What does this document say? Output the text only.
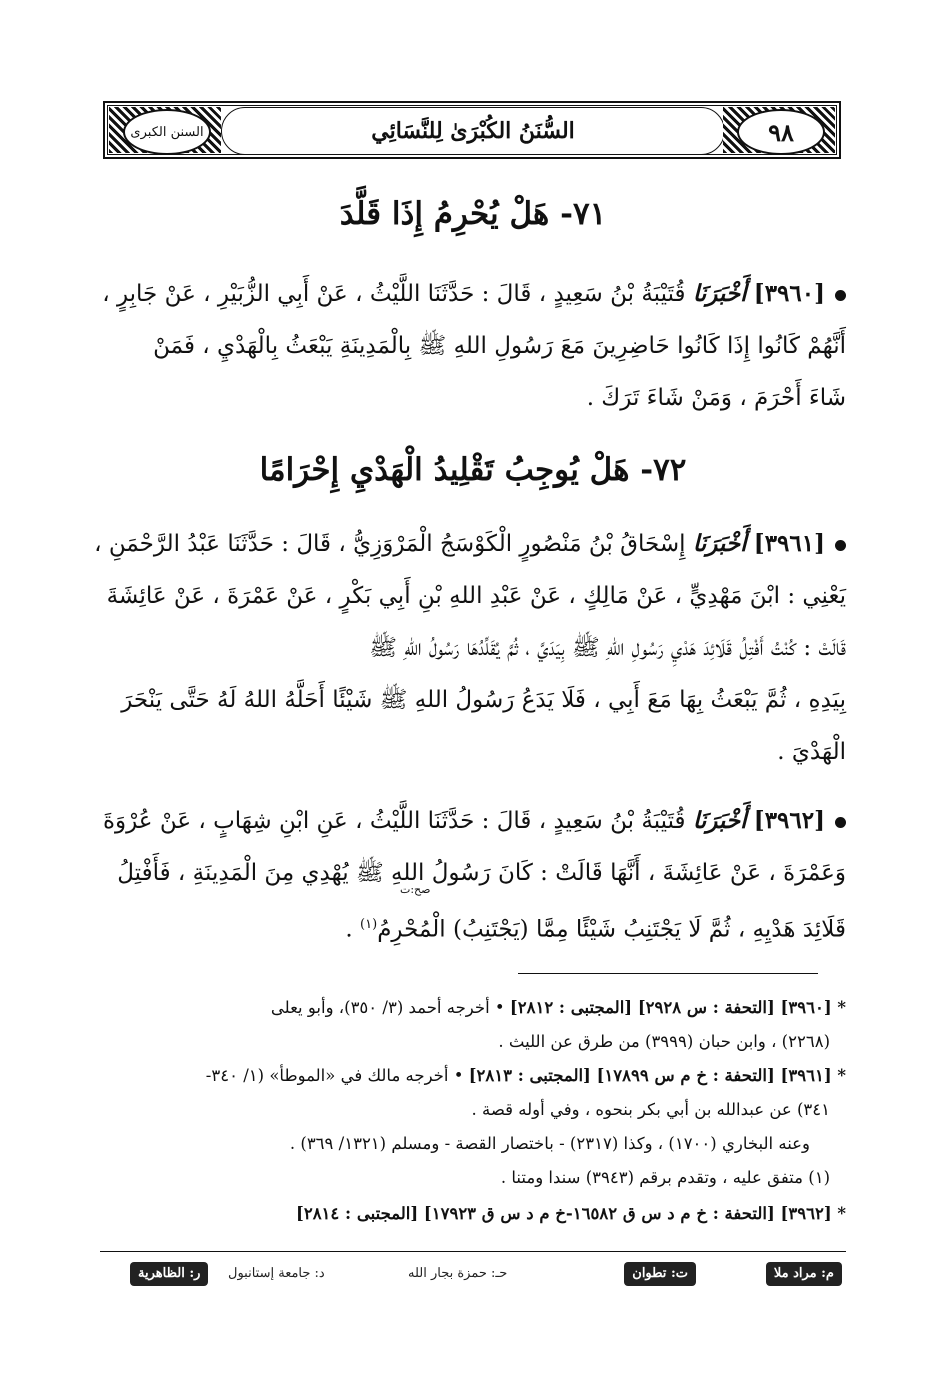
السنن الكبرى	السُّنَنُ الكُبْرَىٰ لِلنَّسَائِي	٩٨
٧١- هَلْ يُحْرِمُ إِذَا قَلَّدَ
[٣٩٦٠] أَخْبَرَنَا قُتَيْبَةُ بْنُ سَعِيدٍ ، قَالَ : حَدَّثَنَا اللَّيْثُ ، عَنْ أَبِي الزُّبَيْرِ ، عَنْ جَابِرٍ ،
أَنَّهُمْ كَانُوا إِذَا كَانُوا حَاضِرِينَ مَعَ رَسُولِ اللهِ ﷺ بِالْمَدِينَةِ يَبْعَثُ بِالْهَدْيِ ، فَمَنْ
شَاءَ أَحْرَمَ ، وَمَنْ شَاءَ تَرَكَ .
٧٢- هَلْ يُوجِبُ تَقْلِيدُ الْهَدْيِ إِحْرَامًا
[٣٩٦١] أَخْبَرَنَا إِسْحَاقُ بْنُ مَنْصُورٍ الْكَوْسَجُ الْمَرْوَزِيُّ ، قَالَ : حَدَّثَنَا عَبْدُ الرَّحْمَنِ ،
يَعْنِي : ابْنَ مَهْدِيٍّ ، عَنْ مَالِكٍ ، عَنْ عَبْدِ اللهِ بْنِ أَبِي بَكْرٍ ، عَنْ عَمْرَةَ ، عَنْ عَائِشَةَ
قَالَتْ : كُنْتُ أَفْتِلُ قَلَائِدَ هَدْيِ رَسُولِ اللهِ ﷺ بِيَدَيَّ ، ثُمَّ يُقَلِّدُهَا رَسُولُ اللهِ ﷺ
بِيَدِهِ ، ثُمَّ يَبْعَثُ بِهَا مَعَ أَبِي ، فَلَا يَدَعُ رَسُولُ اللهِ ﷺ شَيْئًا أَحَلَّهُ اللهُ لَهُ حَتَّى يَنْحَرَ
الْهَدْيَ .
[٣٩٦٢] أَخْبَرَنَا قُتَيْبَةُ بْنُ سَعِيدٍ ، قَالَ : حَدَّثَنَا اللَّيْثُ ، عَنِ ابْنِ شِهَابٍ ، عَنْ عُرْوَةَ
وَعَمْرَةَ ، عَنْ عَائِشَةَ ، أَنَّهَا قَالَتْ : كَانَ رَسُولُ اللهِ ﷺ يُهْدِي مِنَ الْمَدِينَةِ ، فَأَفْتِلُ
قَلَائِدَ هَدْيِهِ ، ثُمَّ لَا يَجْتَنِبُ شَيْئًا مِمَّا (يَجْتَنِبُ) الْمُحْرِمُ$^{(١)}$ .
صح:ت
* [٣٩٦٠] [التحفة : س ٢٩٢٨] [المجتبى : ٢٨١٢] • أخرجه أحمد (٣/ ٣٥٠)، وأبو يعلى
(٢٢٦٨) ، وابن حبان (٣٩٩٩) من طرق عن الليث .
* [٣٩٦١] [التحفة : خ م س ١٧٨٩٩] [المجتبى : ٢٨١٣] • أخرجه مالك في «الموطأ» (١/ ٣٤٠-
٣٤١) عن عبدالله بن أبي بكر بنحوه ، وفي أوله قصة .
وعنه البخاري (١٧٠٠) ، وكذا (٢٣١٧) - باختصار القصة - ومسلم (١٣٢١/ ٣٦٩) .
(١) متفق عليه ، وتقدم برقم (٣٩٤٣) سندا ومتنا .
* [٣٩٦٢] [التحفة : خ م د س ق ١٦٥٨٢-خ م د س ق ١٧٩٢٣] [المجتبى : ٢٨١٤]
م: مراد ملا
ت: تطوان
حـ: حمزة بجار الله
د: جامعة إستانبول
ر: الظاهرية
